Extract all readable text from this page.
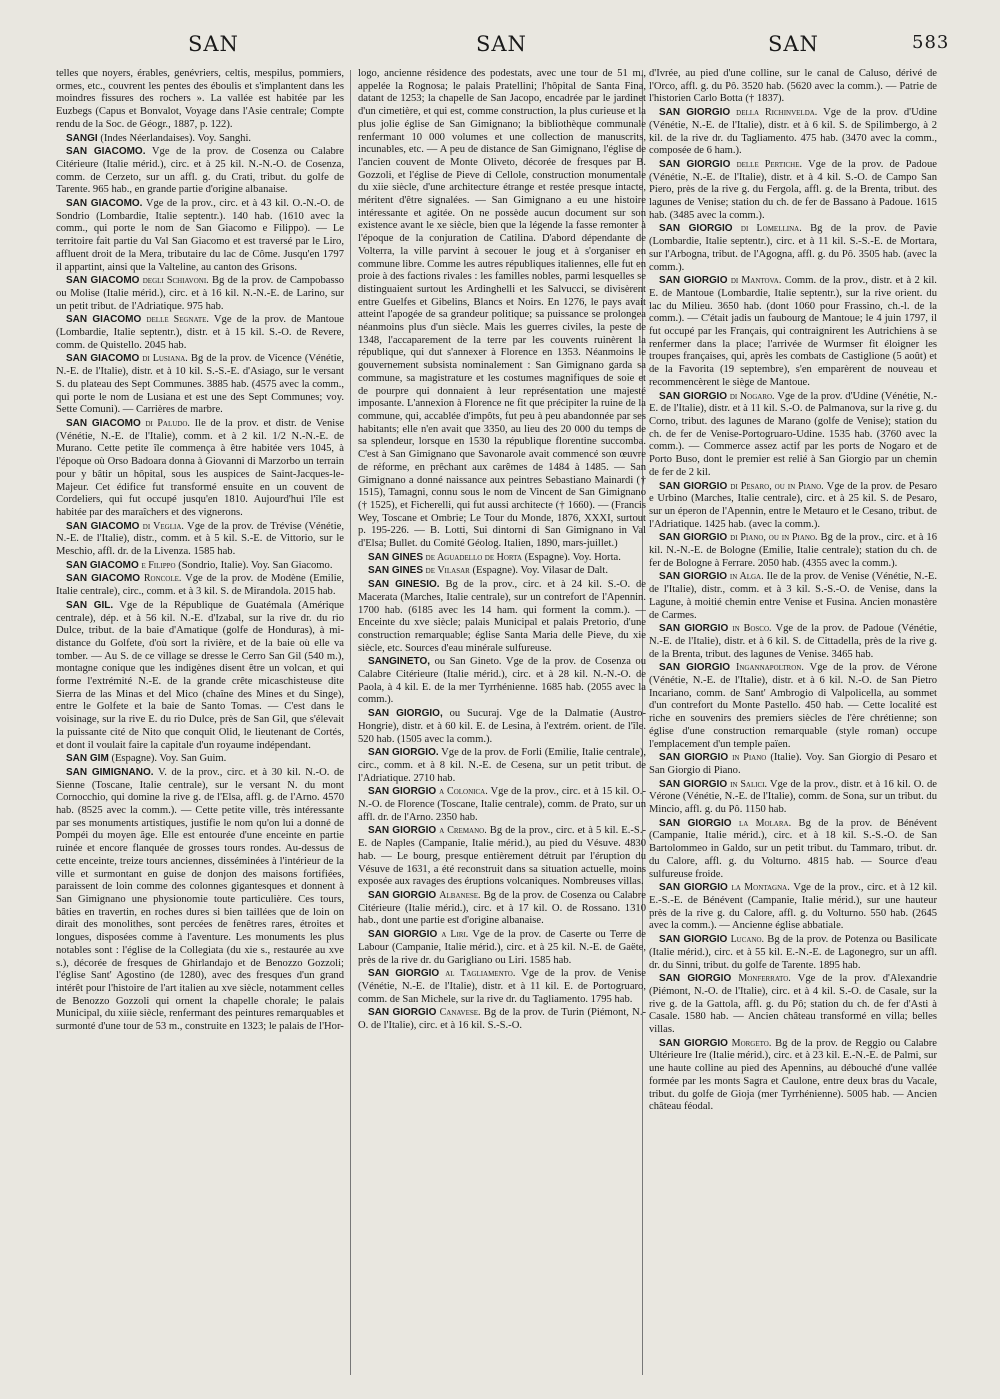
SAN	SAN	SAN	583

telles que noyers, érables, genévriers, celtis, mespilus, pommiers, ormes, etc., couvrent les pentes des éboulis et s'implantent dans les moindres fissures des rochers ». La vallée est habitée par les Euzbegs (Capus et Bonvalot, Voyage dans l'Asie centrale; Compte rendu de la Soc. de Géogr., 1887, p. 122).

SANGI (Indes Néerlandaises). Voy. Sanghi.

SAN GIACOMO. Vge de la prov. de Cosenza ou Calabre Citérieure (Italie mérid.), circ. et à 25 kil. N.-N.-O. de Cosenza, comm. de Cerzeto, sur un affl. g. du Crati, tribut. du golfe de Tarente. 965 hab., en grande partie d'origine albanaise.

SAN GIACOMO. Vge de la prov., circ. et à 43 kil. O.-N.-O. de Sondrio (Lombardie, Italie septentr.). 140 hab. (1610 avec la comm., qui porte le nom de San Giacomo e Filippo). — Le territoire fait partie du Val San Giacomo et est traversé par le Liro, affluent droit de la Mera, tributaire du lac de Côme. Jusqu'en 1797 il appartint, ainsi que la Valteline, au canton des Grisons.

SAN GIACOMO degli Schiavoni. Bg de la prov. de Campobasso ou Molise (Italie mérid.), circ. et à 16 kil. N.-N.-E. de Larino, sur un petit tribut. de l'Adriatique. 975 hab.

SAN GIACOMO delle Segnate. Vge de la prov. de Mantoue (Lombardie, Italie septentr.), distr. et à 15 kil. S.-O. de Revere, comm. de Quistello. 2045 hab.

SAN GIACOMO di Lusiana. Bg de la prov. de Vicence (Vénétie, N.-E. de l'Italie), distr. et à 10 kil. S.-S.-E. d'Asiago, sur le versant S. du plateau des Sept Communes. 3885 hab. (4575 avec la comm., qui porte le nom de Lusiana et est une des Sept Communes; voy. Sette Comuni). — Carrières de marbre.

SAN GIACOMO di Paludo. Ile de la prov. et distr. de Venise (Vénétie, N.-E. de l'Italie), comm. et à 2 kil. 1/2 N.-N.-E. de Murano. Cette petite île commença à être habitée vers 1045, à l'époque où Orso Badoara donna à Giovanni di Marzorbo un terrain pour y bâtir un hôpital, sous les auspices de Saint-Jacques-le-Majeur. Cet édifice fut transformé ensuite en un couvent de Cordeliers, qui fut occupé jusqu'en 1810. Aujourd'hui l'île est habitée par des maraîchers et des vignerons.

SAN GIACOMO di Veglia. Vge de la prov. de Trévise (Vénétie, N.-E. de l'Italie), distr., comm. et à 5 kil. S.-E. de Vittorio, sur le Meschio, affl. dr. de la Livenza. 1585 hab.

SAN GIACOMO e Filippo (Sondrio, Italie). Voy. San Giacomo.

SAN GIACOMO Roncole. Vge de la prov. de Modène (Emilie, Italie centrale), circ., comm. et à 3 kil. S. de Mirandola. 2015 hab.

SAN GIL. Vge de la République de Guatémala (Amérique centrale), dép. et à 56 kil. N.-E. d'Izabal, sur la rive dr. du rio Dulce, tribut. de la baie d'Amatique (golfe de Honduras), à mi-distance du Golfete, d'où sort la rivière, et de la baie où elle va tomber. — Au S. de ce village se dresse le Cerro San Gil (540 m.), montagne conique que les indigènes disent être un volcan, et qui forme l'extrémité N.-E. de la grande crête micaschisteuse dite Sierra de las Minas et del Mico (chaîne des Mines et du Singe), entre le Golfete et la baie de Santo Tomas. — C'est dans le voisinage, sur la rive E. du rio Dulce, près de San Gil, que s'élevait la puissante cité de Nito que conquit Olid, le lieutenant de Cortés, et dont il voulait faire la capitale d'un royaume indépendant.

SAN GIM (Espagne). Voy. San Guim.

SAN GIMIGNANO. V. de la prov., circ. et à 30 kil. N.-O. de Sienne (Toscane, Italie centrale), sur le versant N. du mont Cornocchio, qui domine la rive g. de l'Elsa, affl. g. de l'Arno. 4570 hab. (8525 avec la comm.). — Cette petite ville, très intéressante par ses monuments artistiques, justifie le nom qu'on lui a donné de Pompéi du moyen âge. Elle est entourée d'une enceinte en partie ruinée et encore flanquée de grosses tours rondes. Au-dessus de cette enceinte, treize tours anciennes, disséminées à l'intérieur de la ville et surmontant en guise de donjon des maisons fortifiées, paraissent de loin comme des colonnes gigantesques et donnent à San Gimignano une physionomie toute particulière. Ces tours, bâties en travertin, en roches dures si bien taillées que de loin on dirait des monolithes, sont percées de fenêtres rares, étroites et longues, disposées comme à l'aventure. Les monuments les plus notables sont : l'église de la Collegiata (du xie s., restaurée au xve s.), décorée de fresques de Ghirlandajo et de Benozzo Gozzoli; l'église Sant' Agostino (de 1280), avec des fresques d'un grand intérêt pour l'histoire de l'art italien au xve siècle, notamment celles de Benozzo Gozzoli qui ornent la chapelle chorale; le palais Municipal, du xiiie siècle, renfermant des peintures remarquables et surmonté d'une tour de 53 m., construite en 1323; le palais de l'Hor-

logo, ancienne résidence des podestats, avec une tour de 51 m., appelée la Rognosa; le palais Pratellini; l'hôpital de Santa Fina, datant de 1253; la chapelle de San Jacopo, encadrée par le jardinet d'un cimetière, et qui est, comme construction, la plus curieuse et la plus jolie église de San Gimignano; la bibliothèque communale renfermant 10 000 volumes et une collection de manuscrits, incunables, etc. — A peu de distance de San Gimignano, l'église de l'ancien couvent de Monte Oliveto, décorée de fresques par B. Gozzoli, et l'église de Pieve di Cellole, construction monumentale du xiie siècle, d'une architecture étrange et restée presque intacte, méritent d'être signalées. — San Gimignano a eu une histoire intéressante et agitée. On ne possède aucun document sur son existence avant le xe siècle, bien que la légende la fasse remonter à l'époque de la conjuration de Catilina. D'abord dépendante de Volterra, la ville parvint à secouer le joug et à s'organiser en commune libre. Comme les autres républiques italiennes, elle fut en proie à des factions rivales : les familles nobles, parmi lesquelles se distinguaient surtout les Ardinghelli et les Salvucci, se divisèrent entre Guelfes et Gibelins, Blancs et Noirs. En 1276, le pays avait atteint l'apogée de sa grandeur politique; sa puissance se prolongea néanmoins plus d'un siècle. Mais les guerres civiles, la peste de 1348, l'accaparement de la terre par les couvents ruinèrent la république, qui dut s'annexer à Florence en 1353. Néanmoins le gouvernement subsista nominalement : San Gimignano garda sa commune, sa magistrature et les costumes magnifiques de soie et de pourpre qui donnaient à leur représentation une majesté imposante. L'annexion à Florence ne fit que précipiter la ruine de la commune, qui, accablée d'impôts, fut peu à peu abandonnée par ses habitants; elle n'en avait que 3350, au lieu des 20 000 du temps de sa splendeur, lorsque en 1530 la république florentine succomba. C'est à San Gimignano que Savonarole avait commencé son œuvre de réforme, en prêchant aux carêmes de 1484 à 1485. — San Gimignano a donné naissance aux peintres Sebastiano Mainardi († 1515), Tamagni, connu sous le nom de Vincent de San Gimignano († 1525), et Ficherelli, qui fut aussi architecte († 1660). — (Francis Wey, Toscane et Ombrie; Le Tour du Monde, 1876, XXXI, surtout p. 195-226. — B. Lotti, Sui dintorni di San Gimignano in Val d'Elsa; Bullet. du Comité Géolog. Italien, 1890, mars-juillet.)

SAN GINES de Aguadello de Horta (Espagne). Voy. Horta.

SAN GINES de Vilasar (Espagne). Voy. Vilasar de Dalt.

SAN GINESIO. Bg de la prov., circ. et à 24 kil. S.-O. de Macerata (Marches, Italie centrale), sur un contrefort de l'Apennin. 1700 hab. (6185 avec les 14 ham. qui forment la comm.). — Enceinte du xve siècle; palais Municipal et palais Pretorio, d'une construction remarquable; église Santa Maria delle Pieve, du xie siècle, etc. Sources d'eau minérale sulfureuse.

SANGINETO, ou San Gineto. Vge de la prov. de Cosenza ou Calabre Citérieure (Italie mérid.), circ. et à 28 kil. N.-N.-O. de Paola, à 4 kil. E. de la mer Tyrrhénienne. 1685 hab. (2055 avec la comm.).

SAN GIORGIO, ou Sucuraj. Vge de la Dalmatie (Austro-Hongrie), distr. et à 60 kil. E. de Lesina, à l'extrém. orient. de l'île. 520 hab. (1505 avec la comm.).

SAN GIORGIO. Vge de la prov. de Forli (Emilie, Italie centrale), circ., comm. et à 8 kil. N.-E. de Cesena, sur un petit tribut. de l'Adriatique. 2710 hab.

SAN GIORGIO a Colonica. Vge de la prov., circ. et à 15 kil. O.-N.-O. de Florence (Toscane, Italie centrale), comm. de Prato, sur un affl. dr. de l'Arno. 2350 hab.

SAN GIORGIO a Cremano. Bg de la prov., circ. et à 5 kil. E.-S.-E. de Naples (Campanie, Italie mérid.), au pied du Vésuve. 4830 hab. — Le bourg, presque entièrement détruit par l'éruption du Vésuve de 1631, a été reconstruit dans sa situation actuelle, moins exposée aux ravages des éruptions volcaniques. Nombreuses villas.

SAN GIORGIO Albanese. Bg de la prov. de Cosenza ou Calabre Citérieure (Italie mérid.), circ. et à 17 kil. O. de Rossano. 1310 hab., dont une partie est d'origine albanaise.

SAN GIORGIO a Liri. Vge de la prov. de Caserte ou Terre de Labour (Campanie, Italie mérid.), circ. et à 25 kil. N.-E. de Gaëte, près de la rive dr. du Garigliano ou Liri. 1585 hab.

SAN GIORGIO al Tagliamento. Vge de la prov. de Venise (Vénétie, N.-E. de l'Italie), distr. et à 11 kil. E. de Portogruaro, comm. de San Michele, sur la rive dr. du Tagliamento. 1795 hab.

SAN GIORGIO Canavese. Bg de la prov. de Turin (Piémont, N.-O. de l'Italie), circ. et à 16 kil. S.-S.-O.

d'Ivrée, au pied d'une colline, sur le canal de Caluso, dérivé de l'Orco, affl. g. du Pô. 3520 hab. (5620 avec la comm.). — Patrie de l'historien Carlo Botta († 1837).

SAN GIORGIO della Richinvelda. Vge de la prov. d'Udine (Vénétie, N.-E. de l'Italie), distr. et à 6 kil. S. de Spilimbergo, à 2 kil. de la rive dr. du Tagliamento. 475 hab. (3470 avec la comm., composée de 6 ham.).

SAN GIORGIO delle Pertiche. Vge de la prov. de Padoue (Vénétie, N.-E. de l'Italie), distr. et à 4 kil. S.-O. de Campo San Piero, près de la rive g. du Fergola, affl. g. de la Brenta, tribut. des lagunes de Venise; station du ch. de fer de Bassano à Padoue. 1615 hab. (3485 avec la comm.).

SAN GIORGIO di Lomellina. Bg de la prov. de Pavie (Lombardie, Italie septentr.), circ. et à 11 kil. S.-S.-E. de Mortara, sur l'Arbogna, tribut. de l'Agogna, affl. g. du Pô. 3505 hab. (avec la comm.).

SAN GIORGIO di Mantova. Comm. de la prov., distr. et à 2 kil. E. de Mantoue (Lombardie, Italie septentr.), sur la rive orient. du lac du Milieu. 3650 hab. (dont 1060 pour Frassino, ch.-l. de la comm.). — C'était jadis un faubourg de Mantoue; le 4 juin 1797, il fut occupé par les Français, qui contraignirent les Autrichiens à se renfermer dans la place; l'arrivée de Wurmser fit éloigner les troupes françaises, qui, après les combats de Castiglione (5 août) et de la Favorita (19 septembre), s'en emparèrent de nouveau et recommencèrent le siège de Mantoue.

SAN GIORGIO di Nogaro. Vge de la prov. d'Udine (Vénétie, N.-E. de l'Italie), distr. et à 11 kil. S.-O. de Palmanova, sur la rive g. du Corno, tribut. des lagunes de Marano (golfe de Venise); station du ch. de fer de Venise-Portogruaro-Udine. 1535 hab. (3760 avec la comm.). — Commerce assez actif par les ports de Nogaro et de Porto Buso, dont le premier est relié à San Giorgio par un chemin de fer de 2 kil.

SAN GIORGIO di Pesaro, ou in Piano. Vge de la prov. de Pesaro e Urbino (Marches, Italie centrale), circ. et à 25 kil. S. de Pesaro, sur un éperon de l'Apennin, entre le Metauro et le Cesano, tribut. de l'Adriatique. 1425 hab. (avec la comm.).

SAN GIORGIO di Piano, ou in Piano. Bg de la prov., circ. et à 16 kil. N.-N.-E. de Bologne (Emilie, Italie centrale); station du ch. de fer de Bologne à Ferrare. 2050 hab. (4355 avec la comm.).

SAN GIORGIO in Alga. Ile de la prov. de Venise (Vénétie, N.-E. de l'Italie), distr., comm. et à 3 kil. S.-S.-O. de Venise, dans la Lagune, à moitié chemin entre Venise et Fusina. Ancien monastère de Carmes.

SAN GIORGIO in Bosco. Vge de la prov. de Padoue (Vénétie, N.-E. de l'Italie), distr. et à 6 kil. S. de Cittadella, près de la rive g. de la Brenta, tribut. des lagunes de Venise. 3465 hab.

SAN GIORGIO Ingannapoltron. Vge de la prov. de Vérone (Vénétie, N.-E. de l'Italie), distr. et à 6 kil. N.-O. de San Pietro Incariano, comm. de Sant' Ambrogio di Valpolicella, au sommet d'un contrefort du Monte Pastello. 450 hab. — Cette localité est riche en souvenirs des premiers siècles de l'ère chrétienne; son église d'une construction remarquable (style roman) occupe l'emplacement d'un temple païen.

SAN GIORGIO in Piano (Italie). Voy. San Giorgio di Pesaro et San Giorgio di Piano.

SAN GIORGIO in Salici. Vge de la prov., distr. et à 16 kil. O. de Vérone (Vénétie, N.-E. de l'Italie), comm. de Sona, sur un tribut. du Mincio, affl. g. du Pô. 1150 hab.

SAN GIORGIO la Molara. Bg de la prov. de Bénévent (Campanie, Italie mérid.), circ. et à 18 kil. S.-S.-O. de San Bartolommeo in Galdo, sur un petit tribut. du Tammaro, tribut. dr. du Calore, affl. g. du Volturno. 4815 hab. — Source d'eau sulfureuse froide.

SAN GIORGIO la Montagna. Vge de la prov., circ. et à 12 kil. E.-S.-E. de Bénévent (Campanie, Italie mérid.), sur une hauteur près de la rive g. du Calore, affl. g. du Volturno. 550 hab. (2645 avec la comm.). — Ancienne église abbatiale.

SAN GIORGIO Lucano. Bg de la prov. de Potenza ou Basilicate (Italie mérid.), circ. et à 55 kil. E.-N.-E. de Lagonegro, sur un affl. dr. du Sinni, tribut. du golfe de Tarente. 1895 hab.

SAN GIORGIO Monferrato. Vge de la prov. d'Alexandrie (Piémont, N.-O. de l'Italie), circ. et à 4 kil. S.-O. de Casale, sur la rive g. de la Gattola, affl. g. du Pô; station du ch. de fer d'Asti à Casale. 1580 hab. — Ancien château transformé en villa; belles villas.

SAN GIORGIO Morgeto. Bg de la prov. de Reggio ou Calabre Ultérieure Ire (Italie mérid.), circ. et à 23 kil. E.-N.-E. de Palmi, sur une haute colline au pied des Apennins, au débouché d'une vallée formée par les monts Sagra et Caulone, entre deux bras du Vacale, tribut. du golfe de Gioja (mer Tyrrhénienne). 5005 hab. — Ancien château féodal.
